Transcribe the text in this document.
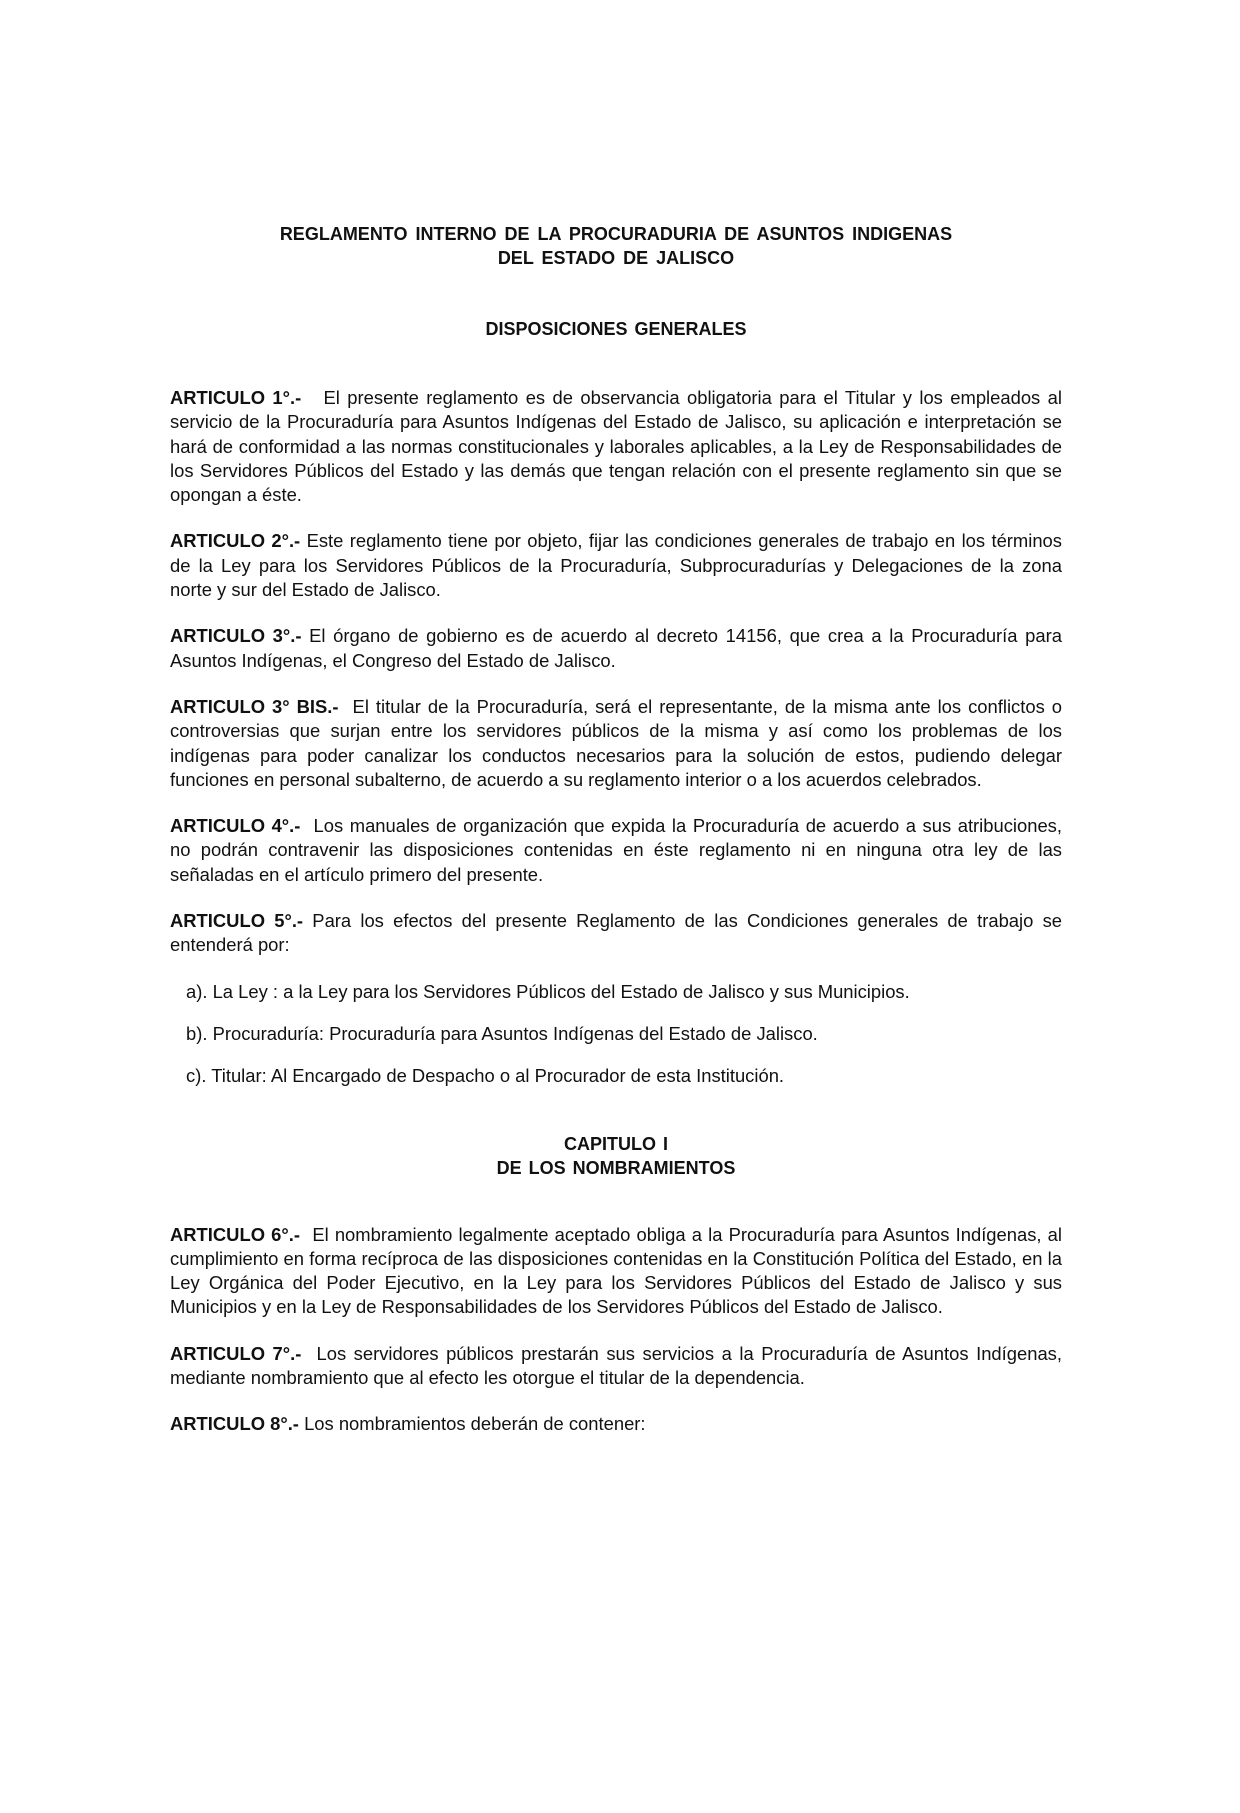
REGLAMENTO INTERNO DE LA PROCURADURIA DE ASUNTOS INDIGENAS

DEL ESTADO DE JALISCO

DISPOSICIONES GENERALES

ARTICULO 1°.- El presente reglamento es de observancia obligatoria para el Titular y los empleados al servicio de la Procuraduría para Asuntos Indígenas del Estado de Jalisco, su aplicación e interpretación se hará de conformidad a las normas constitucionales y laborales aplicables, a la Ley de Responsabilidades de los Servidores Públicos del Estado y las demás que tengan relación con el presente reglamento sin que se opongan a éste.

ARTICULO 2°.- Este reglamento tiene por objeto, fijar las condiciones generales de trabajo en los términos de la Ley para los Servidores Públicos de la Procuraduría, Subprocuradurías y Delegaciones de la zona norte y sur del Estado de Jalisco.

ARTICULO 3°.- El órgano de gobierno es de acuerdo al decreto 14156, que crea a la Procuraduría para Asuntos Indígenas, el Congreso del Estado de Jalisco.

ARTICULO 3° BIS.- El titular de la Procuraduría, será el representante, de la misma ante los conflictos o controversias que surjan entre los servidores públicos de la misma y así como los problemas de los indígenas para poder canalizar los conductos necesarios para la solución de estos, pudiendo delegar funciones en personal subalterno, de acuerdo a su reglamento interior o a los acuerdos celebrados.

ARTICULO 4°.- Los manuales de organización que expida la Procuraduría de acuerdo a sus atribuciones, no podrán contravenir las disposiciones contenidas en éste reglamento ni en ninguna otra ley de las señaladas en el artículo primero del presente.

ARTICULO 5°.- Para los efectos del presente Reglamento de las Condiciones generales de trabajo se entenderá por:

a). La Ley : a la Ley para los Servidores Públicos del Estado de Jalisco y sus Municipios.

b). Procuraduría: Procuraduría para Asuntos Indígenas del Estado de Jalisco.

c). Titular: Al Encargado de Despacho o al Procurador de esta Institución.

CAPITULO I

DE LOS NOMBRAMIENTOS

ARTICULO 6°.- El nombramiento legalmente aceptado obliga a la Procuraduría para Asuntos Indígenas, al cumplimiento en forma recíproca de las disposiciones contenidas en la Constitución Política del Estado, en la Ley Orgánica del Poder Ejecutivo, en la Ley para los Servidores Públicos del Estado de Jalisco y sus Municipios y en la Ley de Responsabilidades de los Servidores Públicos del Estado de Jalisco.

ARTICULO 7°.- Los servidores públicos prestarán sus servicios a la Procuraduría de Asuntos Indígenas, mediante nombramiento que al efecto les otorgue el titular de la dependencia.

ARTICULO 8°.- Los nombramientos deberán de contener:
